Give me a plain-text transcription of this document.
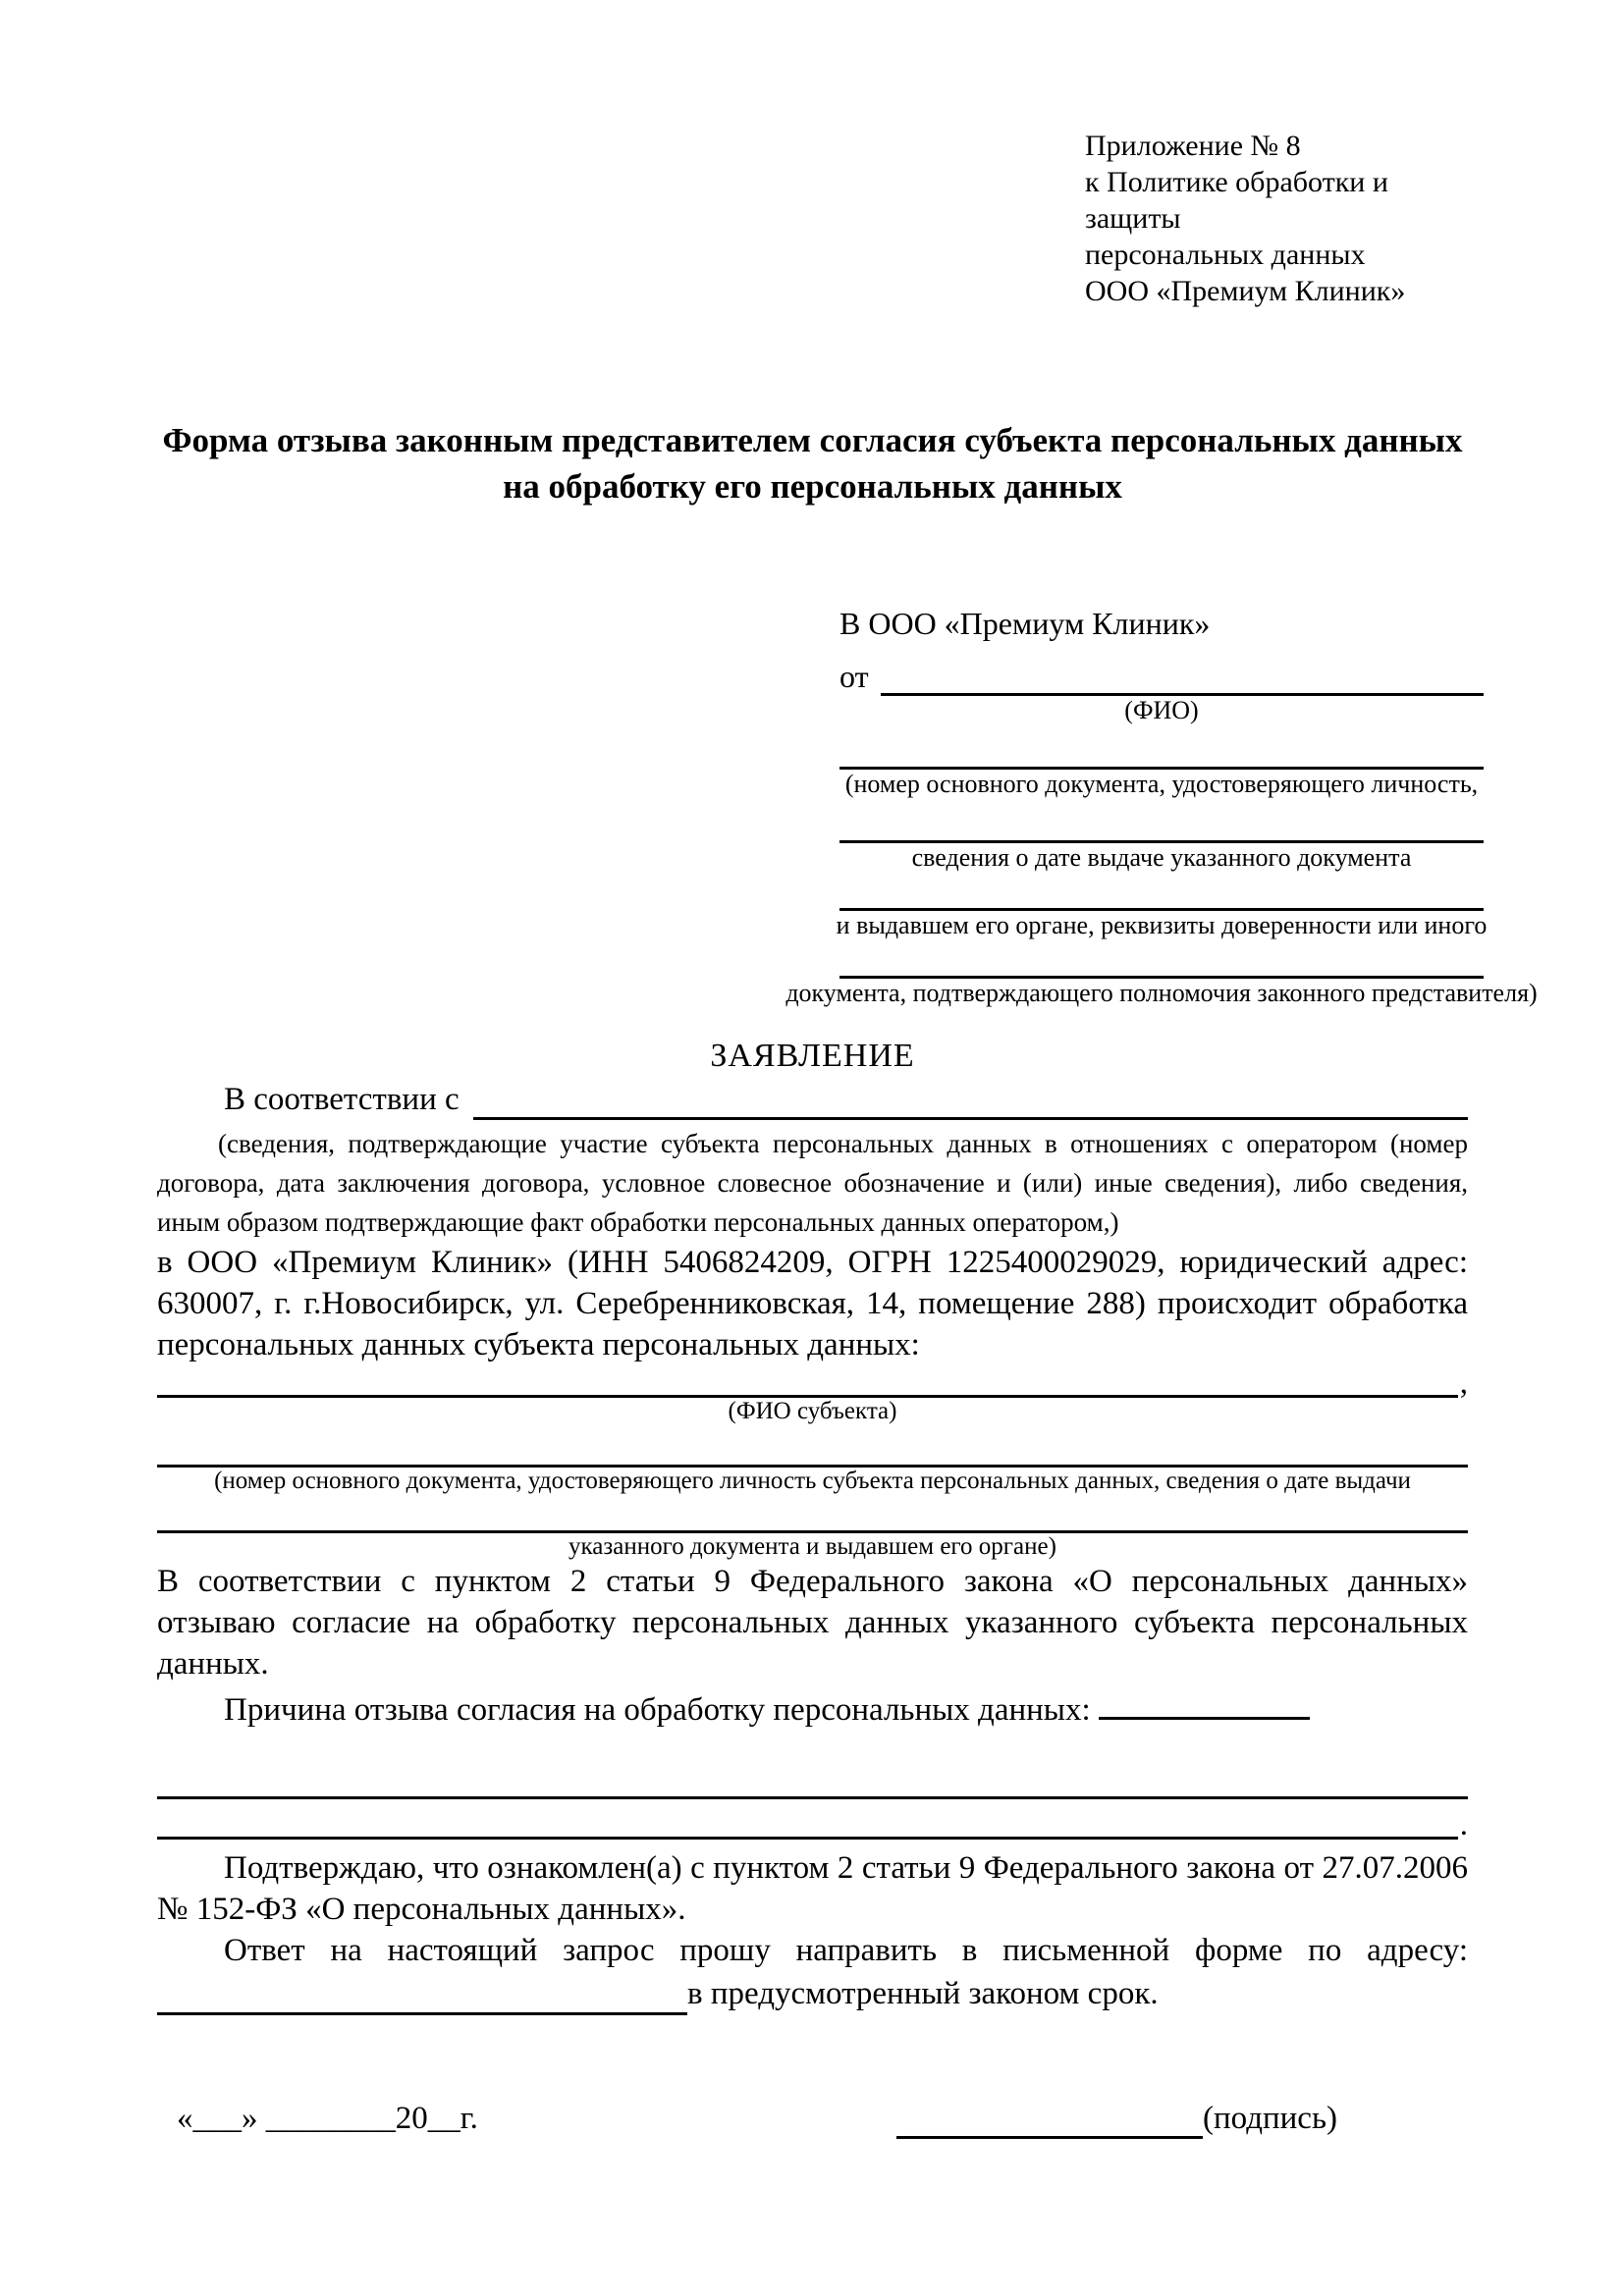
Приложение № 8
к Политике обработки и защиты
персональных данных
ООО «Премиум Клиник»
Форма отзыва законным представителем согласия субъекта персональных данных на обработку его персональных данных
В ООО «Премиум Клиник»
от
(ФИО)
(номер основного документа, удостоверяющего личность,
сведения о дате выдаче указанного документа
и выдавшем его органе, реквизиты доверенности или иного
документа, подтверждающего полномочия законного представителя)
ЗАЯВЛЕНИЕ
В соответствии с
(сведения, подтверждающие участие субъекта персональных данных в отношениях с оператором (номер договора, дата заключения договора, условное словесное обозначение и (или) иные сведения), либо сведения, иным образом подтверждающие факт обработки персональных данных оператором,)
в ООО «Премиум Клиник» (ИНН 5406824209, ОГРН 1225400029029, юридический адрес: 630007, г. г.Новосибирск, ул. Серебренниковская, 14, помещение 288) происходит обработка персональных данных субъекта персональных данных:
,
(ФИО субъекта)
(номер основного документа, удостоверяющего личность субъекта персональных данных, сведения о дате выдачи
указанного документа и выдавшем его органе)
В соответствии с пунктом 2 статьи 9 Федерального закона «О персональных данных» отзываю согласие на обработку персональных данных указанного субъекта персональных данных.
Причина отзыва согласия на обработку персональных данных:
.
Подтверждаю, что ознакомлен(а) с пунктом 2 статьи 9 Федерального закона от 27.07.2006 № 152-ФЗ «О персональных данных».
Ответ на настоящий запрос прошу направить в письменной форме по адресу:
в предусмотренный законом срок.
«___» ________20__г.	(подпись)
